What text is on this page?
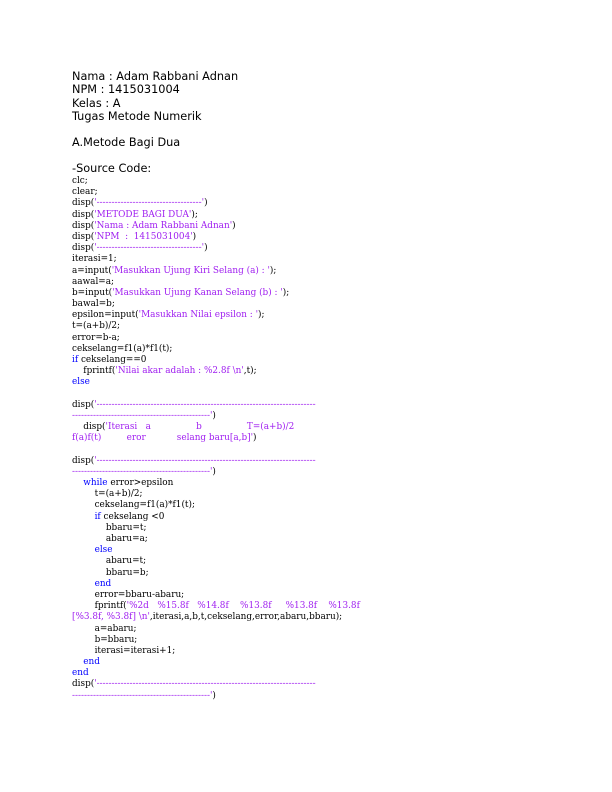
Nama : Adam Rabbani Adnan
NPM : 1415031004
Kelas : A
Tugas Metode Numerik
A.Metode Bagi Dua
-Source Code:
clc;
clear;
disp('-----------------------------------')
disp('METODE BAGI DUA');
disp('Nama : Adam Rabbani Adnan')
disp('NPM  :  1415031004')
disp('-----------------------------------')
iterasi=1;
a=input('Masukkan Ujung Kiri Selang (a) : ');
aawal=a;
b=input('Masukkan Ujung Kanan Selang (b) : ');
bawal=b;
epsilon=input('Masukkan Nilai epsilon : ');
t=(a+b)/2;
error=b-a;
cekselang=f1(a)*f1(t);
if cekselang==0
fprintf('Nilai akar adalah : %2.8f \n',t);
else
disp('-------------------------------------------------------------------------
----------------------------------------------')
disp('Iterasi   a                b                T=(a+b)/2
f(a)f(t)         eror           selang baru[a,b]')
disp('-------------------------------------------------------------------------
----------------------------------------------')
while error>epsilon
t=(a+b)/2;
cekselang=f1(a)*f1(t);
if cekselang <0
bbaru=t;
abaru=a;
else
abaru=t;
bbaru=b;
end
error=bbaru-abaru;
fprintf('%2d   %15.8f   %14.8f    %13.8f     %13.8f    %13.8f
[%3.8f, %3.8f] \n',iterasi,a,b,t,cekselang,error,abaru,bbaru);
a=abaru;
b=bbaru;
iterasi=iterasi+1;
end
end
disp('-------------------------------------------------------------------------
----------------------------------------------')
